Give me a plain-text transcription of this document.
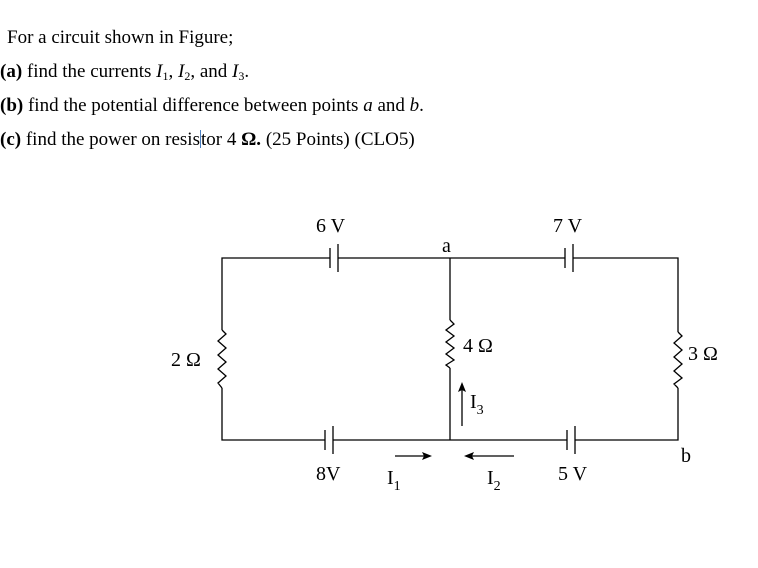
For a circuit shown in Figure;
(a) find the currents $I_1$, $I_2$, and $I_3$.
(b) find the potential difference between points a and b.
(c) find the power on resistor 4 Ω. (25 Points) (CLO5)
6 V	7 V
8V	5 V
a
b
2 Ω
4 Ω	3 Ω
$I_1$	$I_2$
$I_3$
